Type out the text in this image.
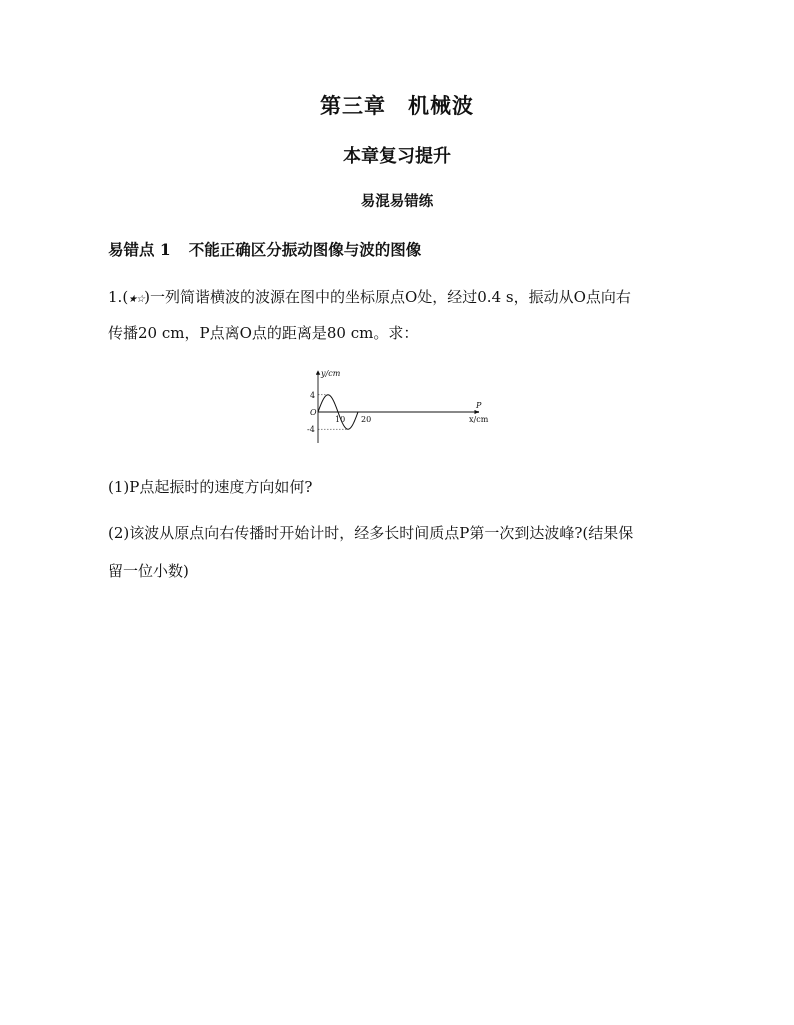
第三章　机械波
本章复习提升
易混易错练
易错点 1 不能正确区分振动图像与波的图像
1.(★☆)一列简谐横波的波源在图中的坐标原点O处，经过0.4 s，振动从O点向右
传播20 cm，P点离O点的距离是80 cm。求：
y/cm
x/cm
O
4
-4
10 20
P
(1)P点起振时的速度方向如何?
(2)该波从原点向右传播时开始计时，经多长时间质点P第一次到达波峰?(结果保
留一位小数)
